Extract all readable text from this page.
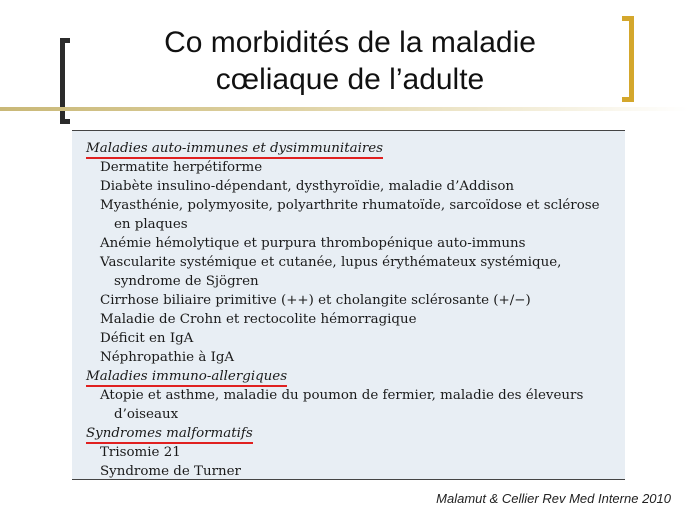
Co morbidités de la maladie
cœliaque de l’adulte
Maladies auto-immunes et dysimmunitaires
Dermatite herpétiforme
Diabète insulino-dépendant, dysthyroïdie, maladie d’Addison
Myasthénie, polymyosite, polyarthrite rhumatoïde, sarcoïdose et sclérose
en plaques
Anémie hémolytique et purpura thrombopénique auto-immuns
Vascularite systémique et cutanée, lupus érythémateux systémique,
syndrome de Sjögren
Cirrhose biliaire primitive (++) et cholangite sclérosante (+/−)
Maladie de Crohn et rectocolite hémorragique
Déficit en IgA
Néphropathie à IgA
Maladies immuno-allergiques
Atopie et asthme, maladie du poumon de fermier, maladie des éleveurs
d’oiseaux
Syndromes malformatifs
Trisomie 21
Syndrome de Turner
Malamut & Cellier Rev Med Interne 2010
